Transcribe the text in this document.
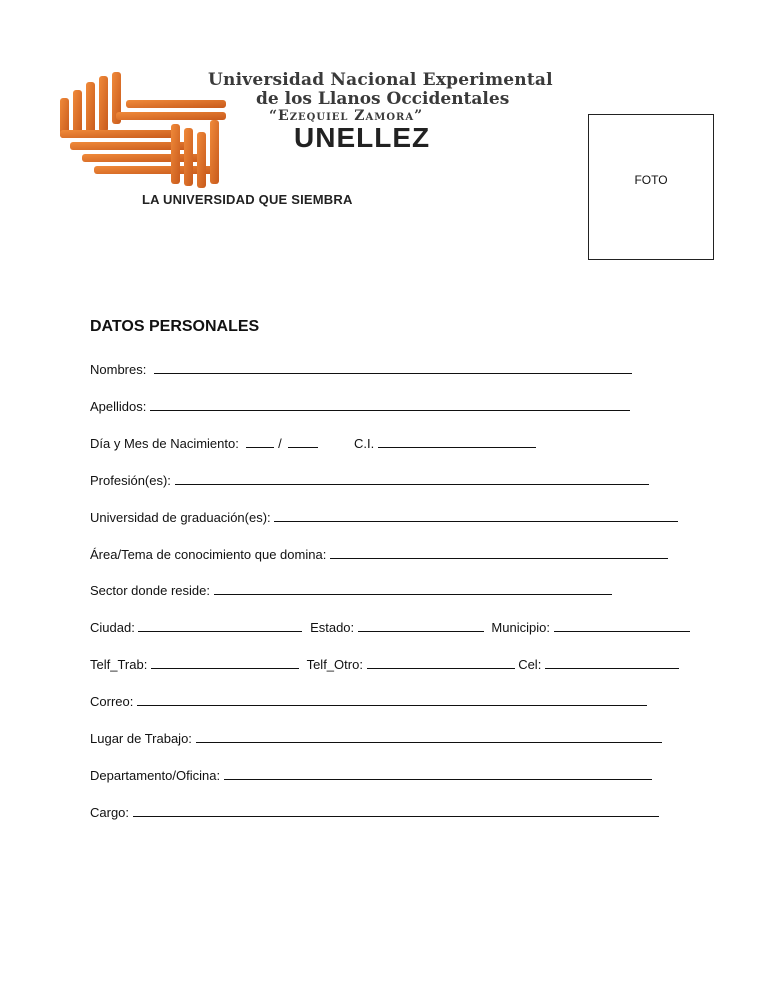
Universidad Nacional Experimental
de los Llanos Occidentales
“Ezequiel Zamora”
UNELLEZ
LA UNIVERSIDAD QUE SIEMBRA
FOTO
DATOS PERSONALES
Nombres:
Apellidos:
Día y Mes de Nacimiento:	/	C.I.
Profesión(es):
Universidad de graduación(es):
Área/Tema de conocimiento que domina:
Sector donde reside:
Ciudad:	Estado:	Municipio:
Telf_Trab:	Telf_Otro:	Cel:
Correo:
Lugar de Trabajo:
Departamento/Oficina:
Cargo:
